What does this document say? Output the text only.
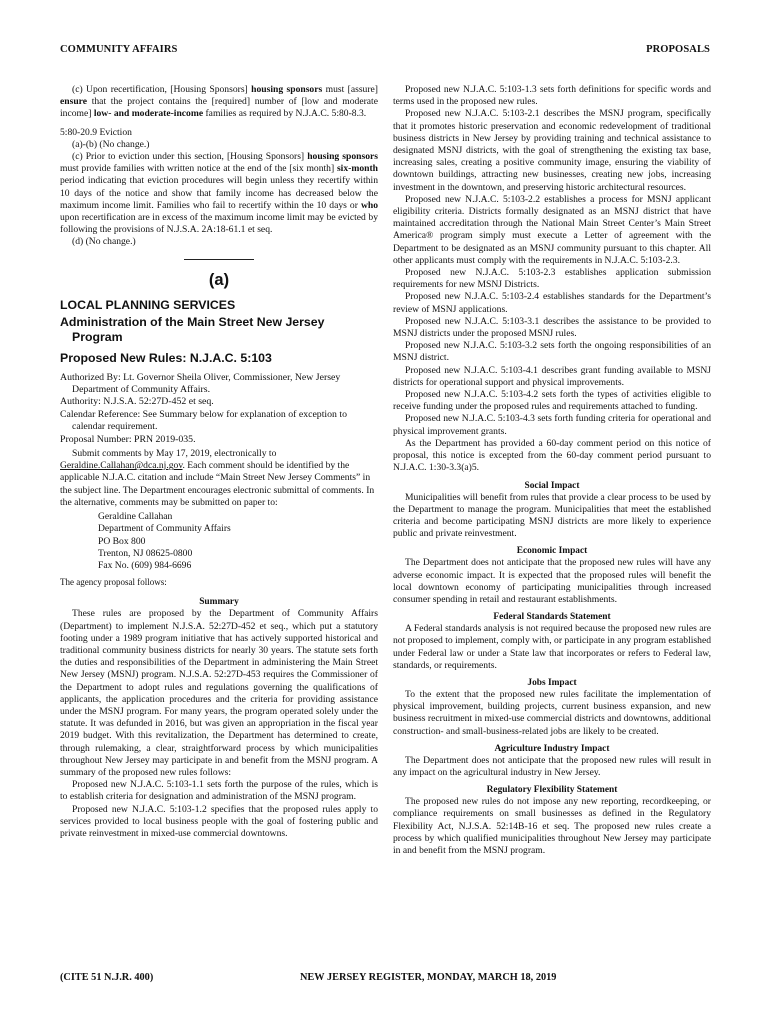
COMMUNITY AFFAIRS	PROPOSALS

(c) Upon recertification, [Housing Sponsors] housing sponsors must [assure] ensure that the project contains the [required] number of [low and moderate income] low- and moderate-income families as required by N.J.A.C. 5:80-8.3.

5:80-20.9 Eviction

(a)-(b) (No change.)

(c) Prior to eviction under this section, [Housing Sponsors] housing sponsors must provide families with written notice at the end of the [six month] six-month period indicating that eviction procedures will begin unless they recertify within 10 days of the notice and show that family income has decreased below the maximum income limit. Families who fail to recertify within the 10 days or who upon recertification are in excess of the maximum income limit may be evicted by following the provisions of N.J.S.A. 2A:18-61.1 et seq.

(d) (No change.)

(a)
LOCAL PLANNING SERVICES
Administration of the Main Street New Jersey Program
Proposed New Rules: N.J.A.C. 5:103

Authorized By: Lt. Governor Sheila Oliver, Commissioner, New Jersey Department of Community Affairs.

Authority: N.J.S.A. 52:27D-452 et seq.

Calendar Reference: See Summary below for explanation of exception to calendar requirement.

Proposal Number: PRN 2019-035.

Submit comments by May 17, 2019, electronically to Geraldine.Callahan@dca.nj.gov. Each comment should be identified by the applicable N.J.A.C. citation and include “Main Street New Jersey Comments” in the subject line. The Department encourages electronic submittal of comments. In the alternative, comments may be submitted on paper to:

Geraldine Callahan
Department of Community Affairs
PO Box 800
Trenton, NJ 08625-0800
Fax No. (609) 984-6696

The agency proposal follows:

Summary

These rules are proposed by the Department of Community Affairs (Department) to implement N.J.S.A. 52:27D-452 et seq., which put a statutory footing under a 1989 program initiative that has actively supported historical and traditional community business districts for nearly 30 years. The statute sets forth the duties and responsibilities of the Department in administering the Main Street New Jersey (MSNJ) program. N.J.S.A. 52:27D-453 requires the Commissioner of the Department to adopt rules and regulations governing the qualifications of applicants, the application procedures and the criteria for providing assistance under the MSNJ program. For many years, the program operated solely under the statute. It was defunded in 2016, but was given an appropriation in the fiscal year 2019 budget. With this revitalization, the Department has determined to create, through rulemaking, a clear, straightforward process by which municipalities throughout New Jersey may participate in and benefit from the MSNJ program. A summary of the proposed new rules follows:

Proposed new N.J.A.C. 5:103-1.1 sets forth the purpose of the rules, which is to establish criteria for designation and administration of the MSNJ program.

Proposed new N.J.A.C. 5:103-1.2 specifies that the proposed rules apply to services provided to local business people with the goal of fostering public and private reinvestment in mixed-use commercial downtowns.

Proposed new N.J.A.C. 5:103-1.3 sets forth definitions for specific words and terms used in the proposed new rules.

Proposed new N.J.A.C. 5:103-2.1 describes the MSNJ program, specifically that it promotes historic preservation and economic redevelopment of traditional business districts in New Jersey by providing training and technical assistance to designated MSNJ districts, with the goal of strengthening the existing tax base, increasing sales, creating a positive community image, ensuring the viability of downtown buildings, attracting new businesses, creating new jobs, increasing investment in the downtown, and preserving historic architectural resources.

Proposed new N.J.A.C. 5:103-2.2 establishes a process for MSNJ applicant eligibility criteria. Districts formally designated as an MSNJ district that have maintained accreditation through the National Main Street Center’s Main Street America® program simply must execute a Letter of agreement with the Department to be designated as an MSNJ community pursuant to this chapter. All other applicants must comply with the requirements in N.J.A.C. 5:103-2.3.

Proposed new N.J.A.C. 5:103-2.3 establishes application submission requirements for new MSNJ Districts.

Proposed new N.J.A.C. 5:103-2.4 establishes standards for the Department’s review of MSNJ applications.

Proposed new N.J.A.C. 5:103-3.1 describes the assistance to be provided to MSNJ districts under the proposed MSNJ rules.

Proposed new N.J.A.C. 5:103-3.2 sets forth the ongoing responsibilities of an MSNJ district.

Proposed new N.J.A.C. 5:103-4.1 describes grant funding available to MSNJ districts for operational support and physical improvements.

Proposed new N.J.A.C. 5:103-4.2 sets forth the types of activities eligible to receive funding under the proposed rules and requirements attached to funding.

Proposed new N.J.A.C. 5:103-4.3 sets forth funding criteria for operational and physical improvement grants.

As the Department has provided a 60-day comment period on this notice of proposal, this notice is excepted from the 60-day comment period pursuant to N.J.A.C. 1:30-3.3(a)5.

Social Impact

Municipalities will benefit from rules that provide a clear process to be used by the Department to manage the program. Municipalities that meet the established criteria and become participating MSNJ districts are more likely to experience public and private reinvestment.

Economic Impact

The Department does not anticipate that the proposed new rules will have any adverse economic impact. It is expected that the proposed rules will benefit the local downtown economy of participating municipalities through increased consumer spending in retail and restaurant establishments.

Federal Standards Statement

A Federal standards analysis is not required because the proposed new rules are not proposed to implement, comply with, or participate in any program established under Federal law or under a State law that incorporates or refers to Federal law, standards, or requirements.

Jobs Impact

To the extent that the proposed new rules facilitate the implementation of physical improvement, building projects, current business expansion, and new business recruitment in mixed-use commercial districts and downtowns, additional construction- and small-business-related jobs are likely to be created.

Agriculture Industry Impact

The Department does not anticipate that the proposed new rules will result in any impact on the agricultural industry in New Jersey.

Regulatory Flexibility Statement

The proposed new rules do not impose any new reporting, recordkeeping, or compliance requirements on small businesses as defined in the Regulatory Flexibility Act, N.J.S.A. 52:14B-16 et seq. The proposed new rules create a process by which qualified municipalities throughout New Jersey may participate in and benefit from the MSNJ program.

(CITE 51 N.J.R. 400)	NEW JERSEY REGISTER, MONDAY, MARCH 18, 2019
